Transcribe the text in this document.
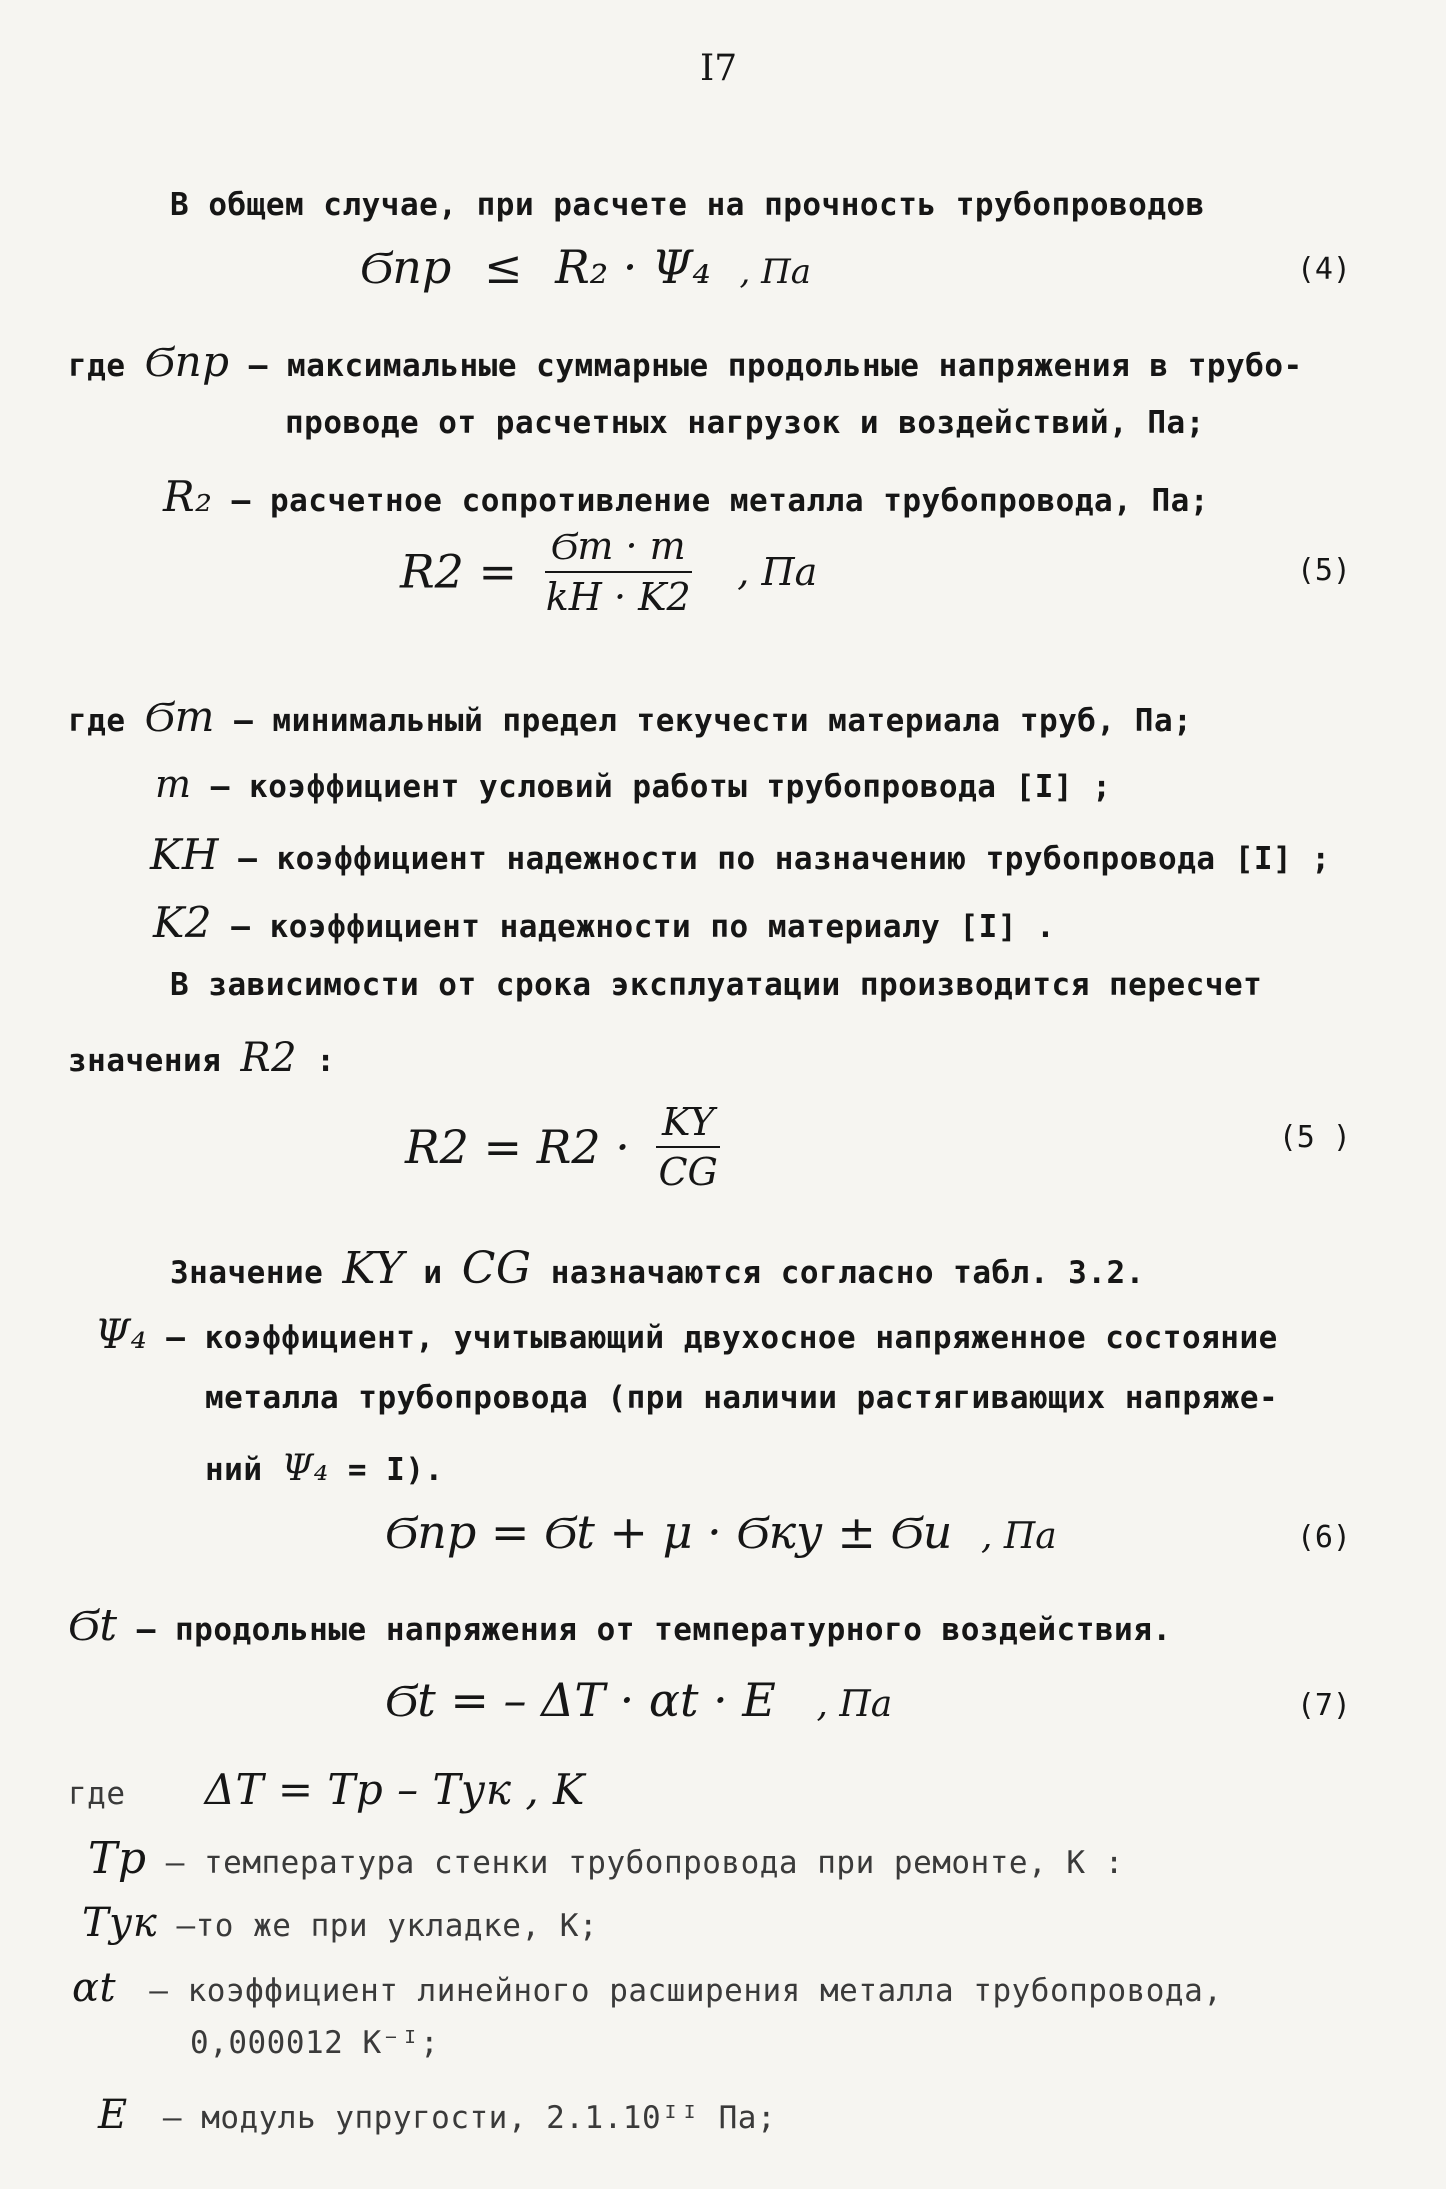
I7
В общем случае, при расчете на прочность трубопроводов
Ϭпр ≤ R₂ · Ψ₄ , Па	(4)
где Ϭпр – максимальные суммарные продольные напряжения в трубо-
проводе от расчетных нагрузок и воздействий, Па;
R₂ – расчетное сопротивление металла трубопровода, Па;
$R2 = \frac{Ϭт \cdot m}{kH \cdot K2}$ , Па	(5)
где Ϭт – минимальный предел текучести материала труб, Па;
m – коэффициент условий работы трубопровода [I] ;
KH – коэффициент надежности по назначению трубопровода [I] ;
K2 – коэффициент надежности по материалу [I] .
В зависимости от срока эксплуатации производится пересчет
значения R2 :
$R2 = R2 \cdot \frac{KY}{CG}$	(5 )
Значение KY и CG назначаются согласно табл. 3.2.
Ψ₄ – коэффициент, учитывающий двухосное напряженное состояние
металла трубопровода (при наличии растягивающих напряже-
ний Ψ₄ = I).
Ϭпр = Ϭt + μ · Ϭку ± Ϭи , Па	(6)
Ϭt – продольные напряжения от температурного воздействия.
Ϭt = – ΔT · αt · E , Па	(7)
где ΔT = Tр – Tук , K
Tр – температура стенки трубопровода при ремонте, К :
Tук –то же при укладке, К;
αt – коэффициент линейного расширения металла трубопровода,
0,000012 К⁻ᴵ;
E – модуль упругости, 2.1.10ᴵᴵ Па;
